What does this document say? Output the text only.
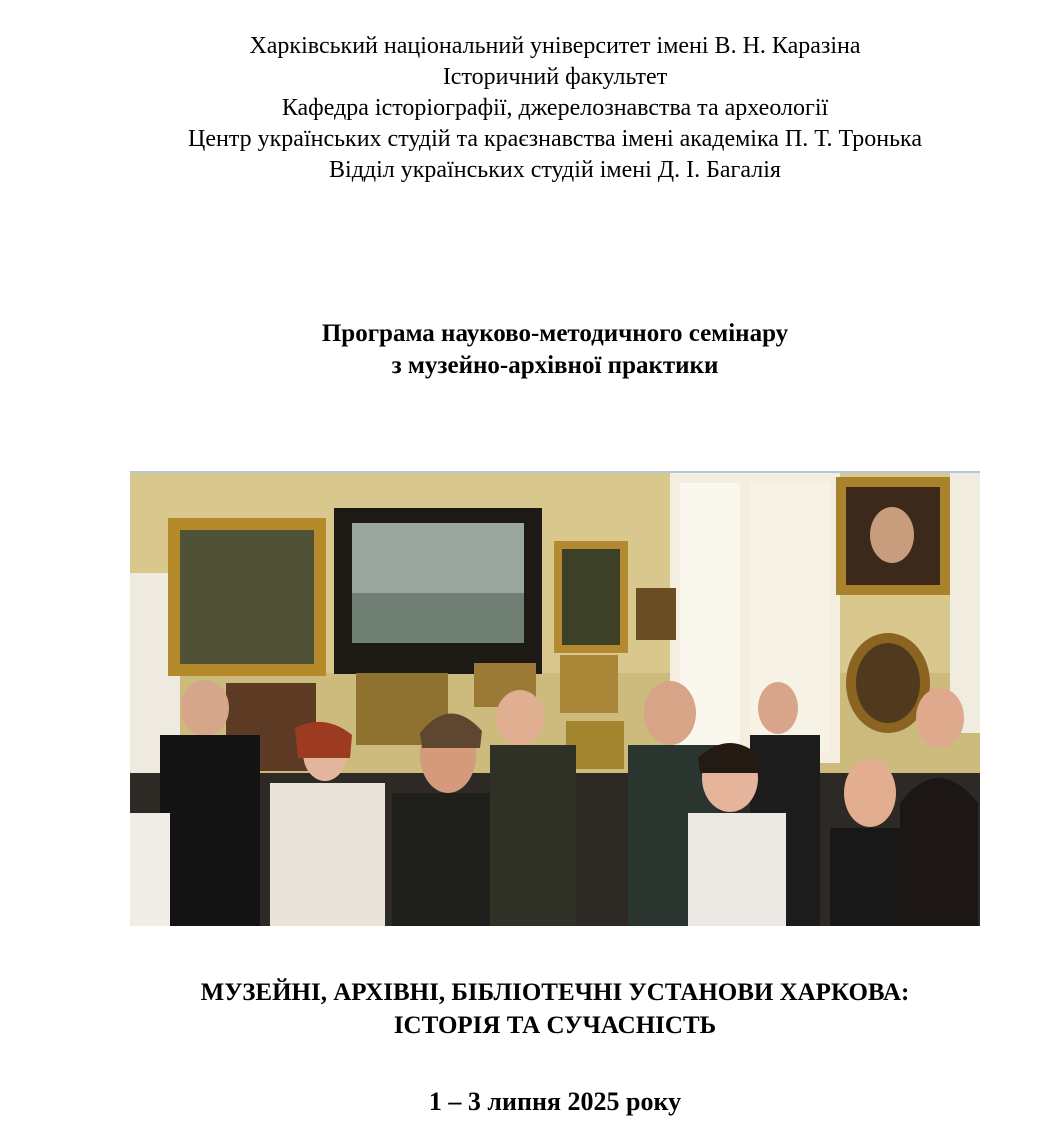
Харківський національний університет імені В. Н. Каразіна
Історичний факультет
Кафедра історіографії, джерелознавства та археології
Центр українських студій та краєзнавства імені академіка П. Т. Тронька
Відділ українських студій імені Д. І. Багалія
Програма науково-методичного семінару
з музейно-архівної практики
МУЗЕЙНІ, АРХІВНІ, БІБЛІОТЕЧНІ УСТАНОВИ ХАРКОВА:
ІСТОРІЯ ТА СУЧАСНІСТЬ
1 – 3 липня 2025 року
